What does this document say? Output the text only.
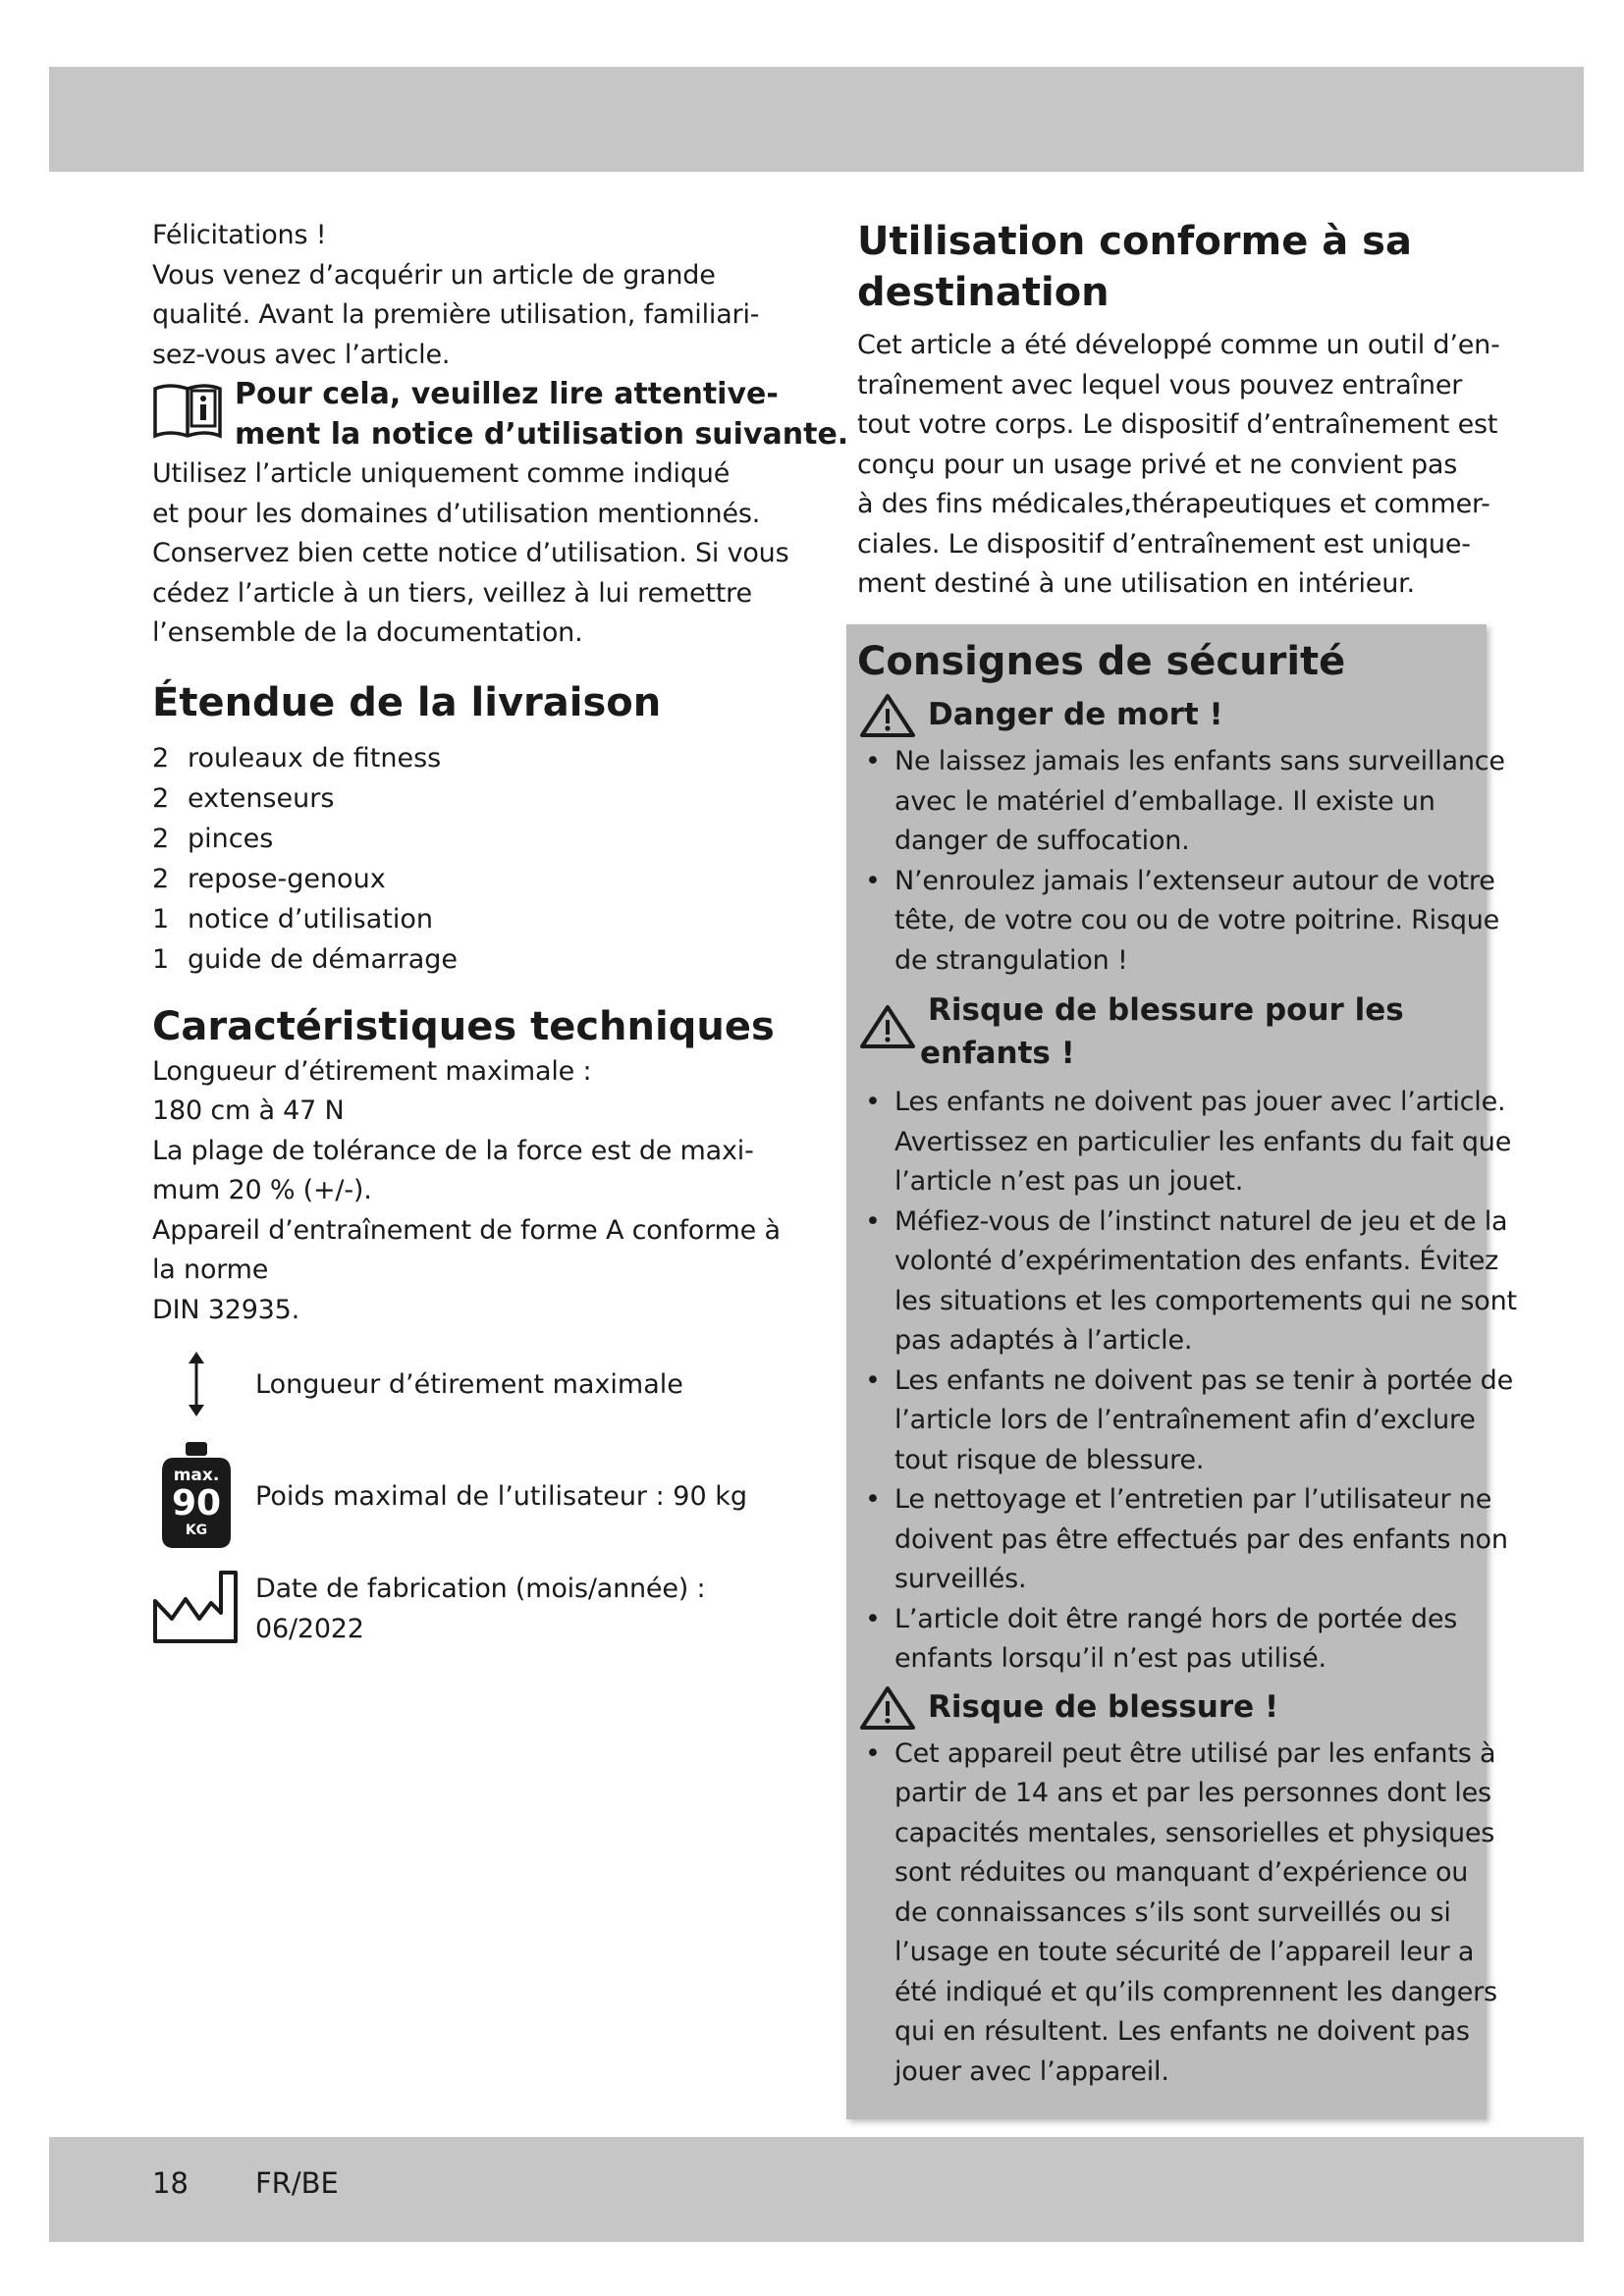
Félicitations !

Vous venez d’acquérir un article de grande

qualité. Avant la première utilisation, familiari-

sez-vous avec l’article.

Pour cela, veuillez lire attentive-

ment la notice d’utilisation suivante.

Utilisez l’article uniquement comme indiqué

et pour les domaines d’utilisation mentionnés.

Conservez bien cette notice d’utilisation. Si vous

cédez l’article à un tiers, veillez à lui remettre

l’ensemble de la documentation.

Étendue de la livraison
2 rouleaux de fitness
2 extenseurs
2 pinces
2 repose-genoux
1 notice d’utilisation
1 guide de démarrage
Caractéristiques techniques

Longueur d’étirement maximale :

180 cm à 47 N

La plage de tolérance de la force est de maxi-

mum 20 % (+/-).

Appareil d’entraînement de forme A conforme à

la norme

DIN 32935.

Longueur d’étirement maximale
max.
90
KG
Poids maximal de l’utilisateur : 90 kg

Date de fabrication (mois/année) :

06/2022

Utilisation conforme à sa
destination

Cet article a été développé comme un outil d’en-

traînement avec lequel vous pouvez entraîner

tout votre corps. Le dispositif d’entraînement est

conçu pour un usage privé et ne convient pas

à des fins médicales,thérapeutiques et commer-

ciales. Le dispositif d’entraînement est unique-

ment destiné à une utilisation en intérieur.

Consignes de sécurité
Danger de mort !
• Ne laissez jamais les enfants sans surveillance

avec le matériel d’emballage. Il existe un

danger de suffocation.

• N’enroulez jamais l’extenseur autour de votre

tête, de votre cou ou de votre poitrine. Risque

de strangulation !

Risque de blessure pour les
enfants !
• Les enfants ne doivent pas jouer avec l’article.

Avertissez en particulier les enfants du fait que

l’article n’est pas un jouet.

• Méfiez-vous de l’instinct naturel de jeu et de la

volonté d’expérimentation des enfants. Évitez

les situations et les comportements qui ne sont

pas adaptés à l’article.

• Les enfants ne doivent pas se tenir à portée de

l’article lors de l’entraînement afin d’exclure

tout risque de blessure.

• Le nettoyage et l’entretien par l’utilisateur ne

doivent pas être effectués par des enfants non

surveillés.

• L’article doit être rangé hors de portée des

enfants lorsqu’il n’est pas utilisé.

Risque de blessure !
• Cet appareil peut être utilisé par les enfants à

partir de 14 ans et par les personnes dont les

capacités mentales, sensorielles et physiques

sont réduites ou manquant d’expérience ou

de connaissances s’ils sont surveillés ou si

l’usage en toute sécurité de l’appareil leur a

été indiqué et qu’ils comprennent les dangers

qui en résultent. Les enfants ne doivent pas

jouer avec l’appareil.

18 FR/BE
